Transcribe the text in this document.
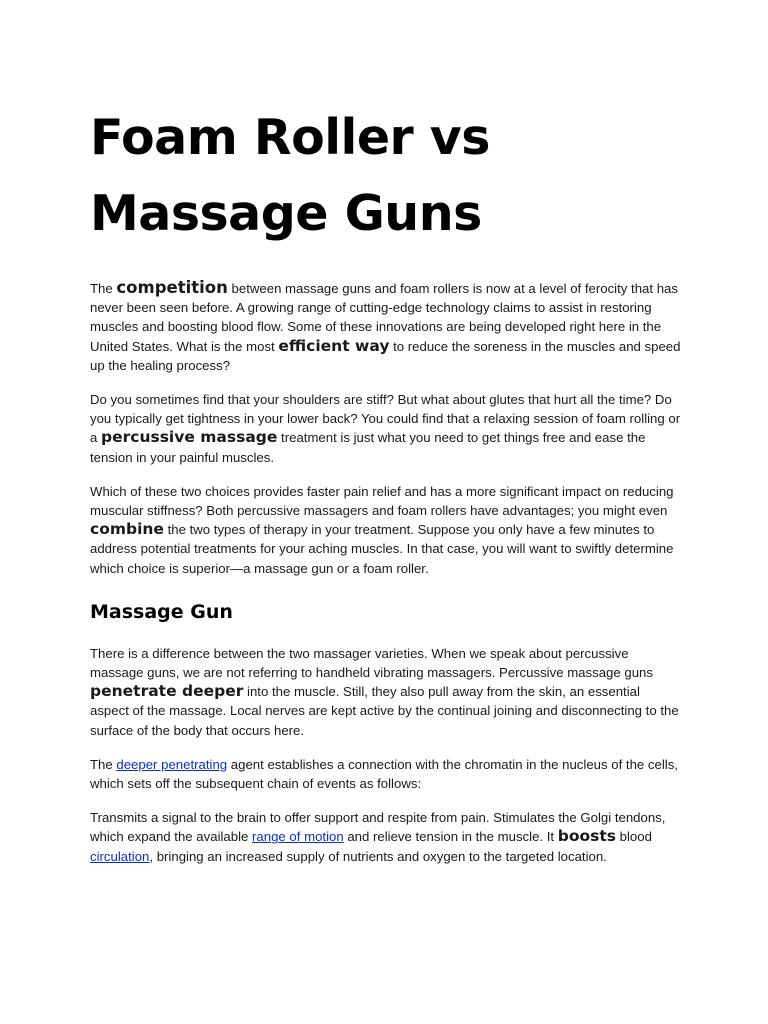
Foam Roller vs Massage Guns

The competition between massage guns and foam rollers is now at a level of ferocity that has never been seen before. A growing range of cutting-edge technology claims to assist in restoring muscles and boosting blood flow. Some of these innovations are being developed right here in the United States. What is the most efficient way to reduce the soreness in the muscles and speed up the healing process?

Do you sometimes find that your shoulders are stiff? But what about glutes that hurt all the time? Do you typically get tightness in your lower back? You could find that a relaxing session of foam rolling or a percussive massage treatment is just what you need to get things free and ease the tension in your painful muscles.

Which of these two choices provides faster pain relief and has a more significant impact on reducing muscular stiffness? Both percussive massagers and foam rollers have advantages; you might even combine the two types of therapy in your treatment. Suppose you only have a few minutes to address potential treatments for your aching muscles. In that case, you will want to swiftly determine which choice is superior—a massage gun or a foam roller.

Massage Gun

There is a difference between the two massager varieties. When we speak about percussive massage guns, we are not referring to handheld vibrating massagers. Percussive massage guns penetrate deeper into the muscle. Still, they also pull away from the skin, an essential aspect of the massage. Local nerves are kept active by the continual joining and disconnecting to the surface of the body that occurs here.

The deeper penetrating agent establishes a connection with the chromatin in the nucleus of the cells, which sets off the subsequent chain of events as follows:

Transmits a signal to the brain to offer support and respite from pain. Stimulates the Golgi tendons, which expand the available range of motion and relieve tension in the muscle. It boosts blood circulation, bringing an increased supply of nutrients and oxygen to the targeted location.
